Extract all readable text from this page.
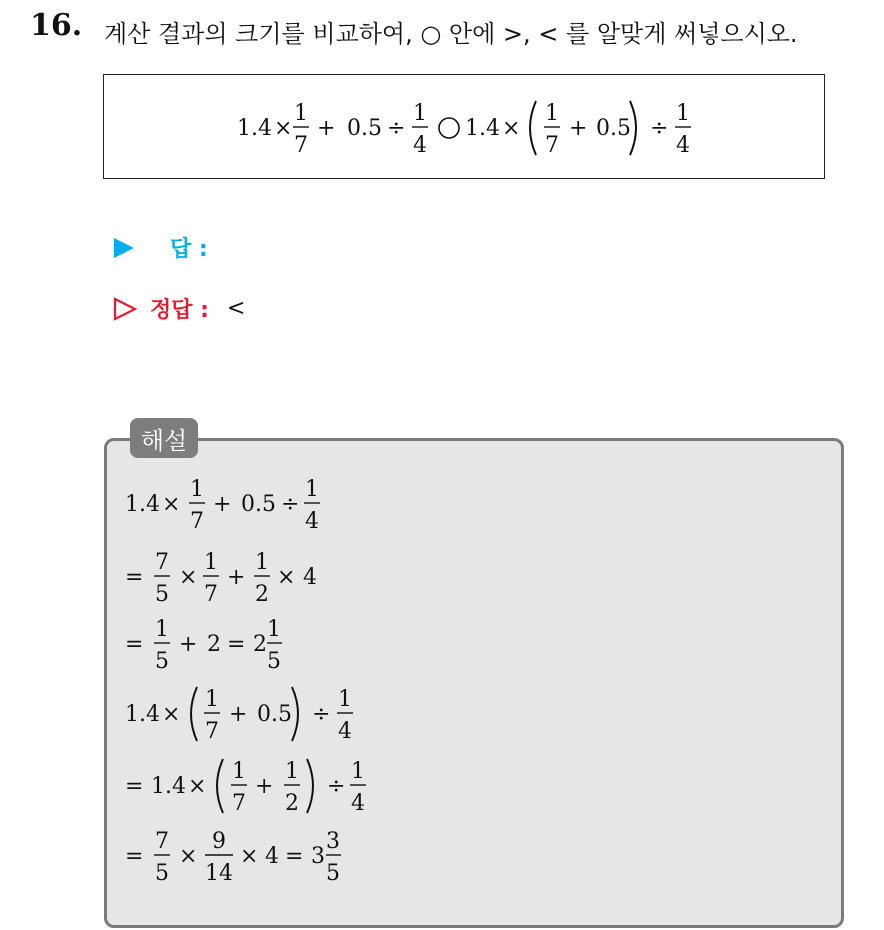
16. 계산 결과의 크기를 비교하여, ○ 안에 >, < 를 알맞게 써넣으시오.
1.4 ×
1
7
+ 0.5 ÷
1
4
1.4 ×
1
7
+ 0.5 ÷
1
4
답 :
정답 : <
1.4 ×
1
7
+ 0.5 ÷
1
4
=
7
5
×
1
7
+
1
2
× 4
=
1
5
+ 2 = 2
1
5
1.4 ×
1
7
+ 0.5 ÷
1
4
= 1.4 ×
1
7
+
1
2
÷
1
4
=
7
5
×
9
14
× 4 = 3
3
5
해설
